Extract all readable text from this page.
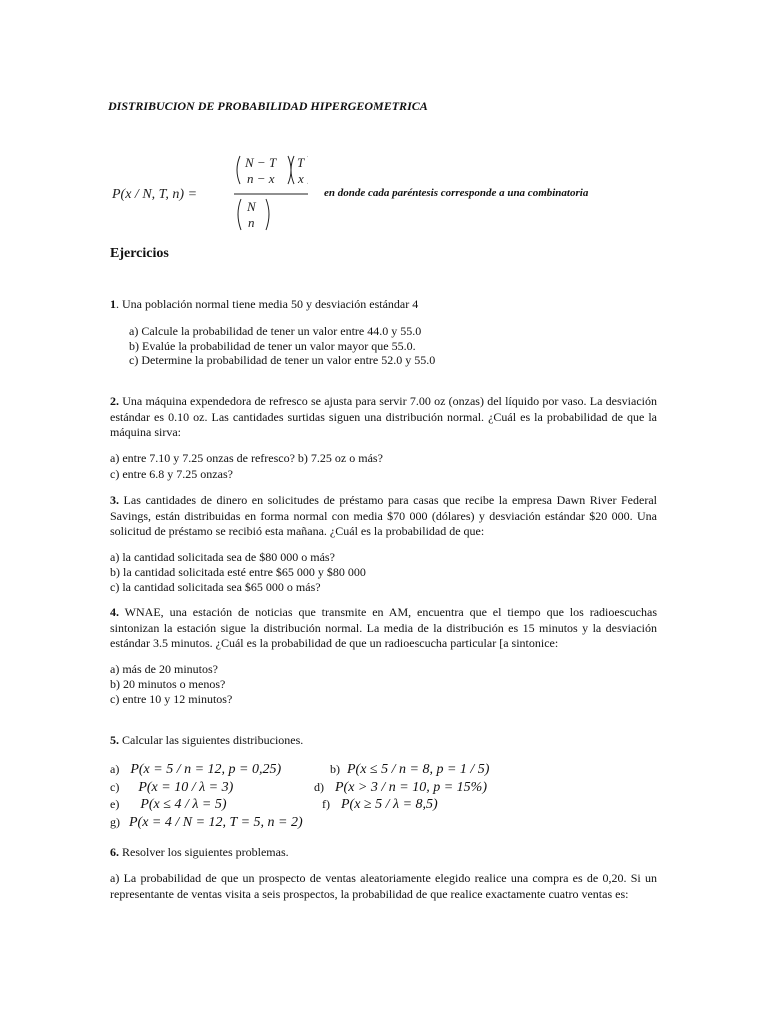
DISTRIBUCION DE PROBABILIDAD HIPERGEOMETRICA
P(x / N, T, n) =
N − T
n − x
T
x
N
n
en donde cada paréntesis corresponde a una combinatoria
Ejercicios
1. Una población normal tiene media 50 y desviación estándar 4
a) Calcule la probabilidad de tener un valor entre 44.0 y 55.0
b) Evalúe la probabilidad de tener un valor mayor que 55.0.
c) Determine la probabilidad de tener un valor entre 52.0 y 55.0
2. Una máquina expendedora de refresco se ajusta para servir 7.00 oz (onzas) del líquido por vaso. La desviación estándar es 0.10 oz. Las cantidades surtidas siguen una distribución normal. ¿Cuál es la probabilidad de que la máquina sirva:
a) entre 7.10 y 7.25 onzas de refresco? b) 7.25 oz o más?
c) entre 6.8 y 7.25 onzas?
3. Las cantidades de dinero en solicitudes de préstamo para casas que recibe la empresa Dawn River Federal Savings, están distribuidas en forma normal con media $70 000 (dólares) y desviación estándar $20 000. Una solicitud de préstamo se recibió esta mañana. ¿Cuál es la probabilidad de que:
a) la cantidad solicitada sea de $80 000 o más?
b) la cantidad solicitada esté entre $65 000 y $80 000
c) la cantidad solicitada sea $65 000 o más?
4. WNAE, una estación de noticias que transmite en AM, encuentra que el tiempo que los radioescuchas sintonizan la estación sigue la distribución normal. La media de la distribución es 15 minutos y la desviación estándar 3.5 minutos. ¿Cuál es la probabilidad de que un radioescucha particular [a sintonice:
a) más de 20 minutos?
b) 20 minutos o menos?
c) entre 10 y 12 minutos?
5. Calcular las siguientes distribuciones.
a) P(x = 5 / n = 12, p = 0,25)	b) P(x ≤ 5 / n = 8, p = 1 / 5)
c) P(x = 10 / λ = 3)	d) P(x > 3 / n = 10, p = 15%)
e) P(x ≤ 4 / λ = 5)	f) P(x ≥ 5 / λ = 8,5)
g) P(x = 4 / N = 12, T = 5, n = 2)
6. Resolver los siguientes problemas.
a) La probabilidad de que un prospecto de ventas aleatoriamente elegido realice una compra es de 0,20. Si un representante de ventas visita a seis prospectos, la probabilidad de que realice exactamente cuatro ventas es:
